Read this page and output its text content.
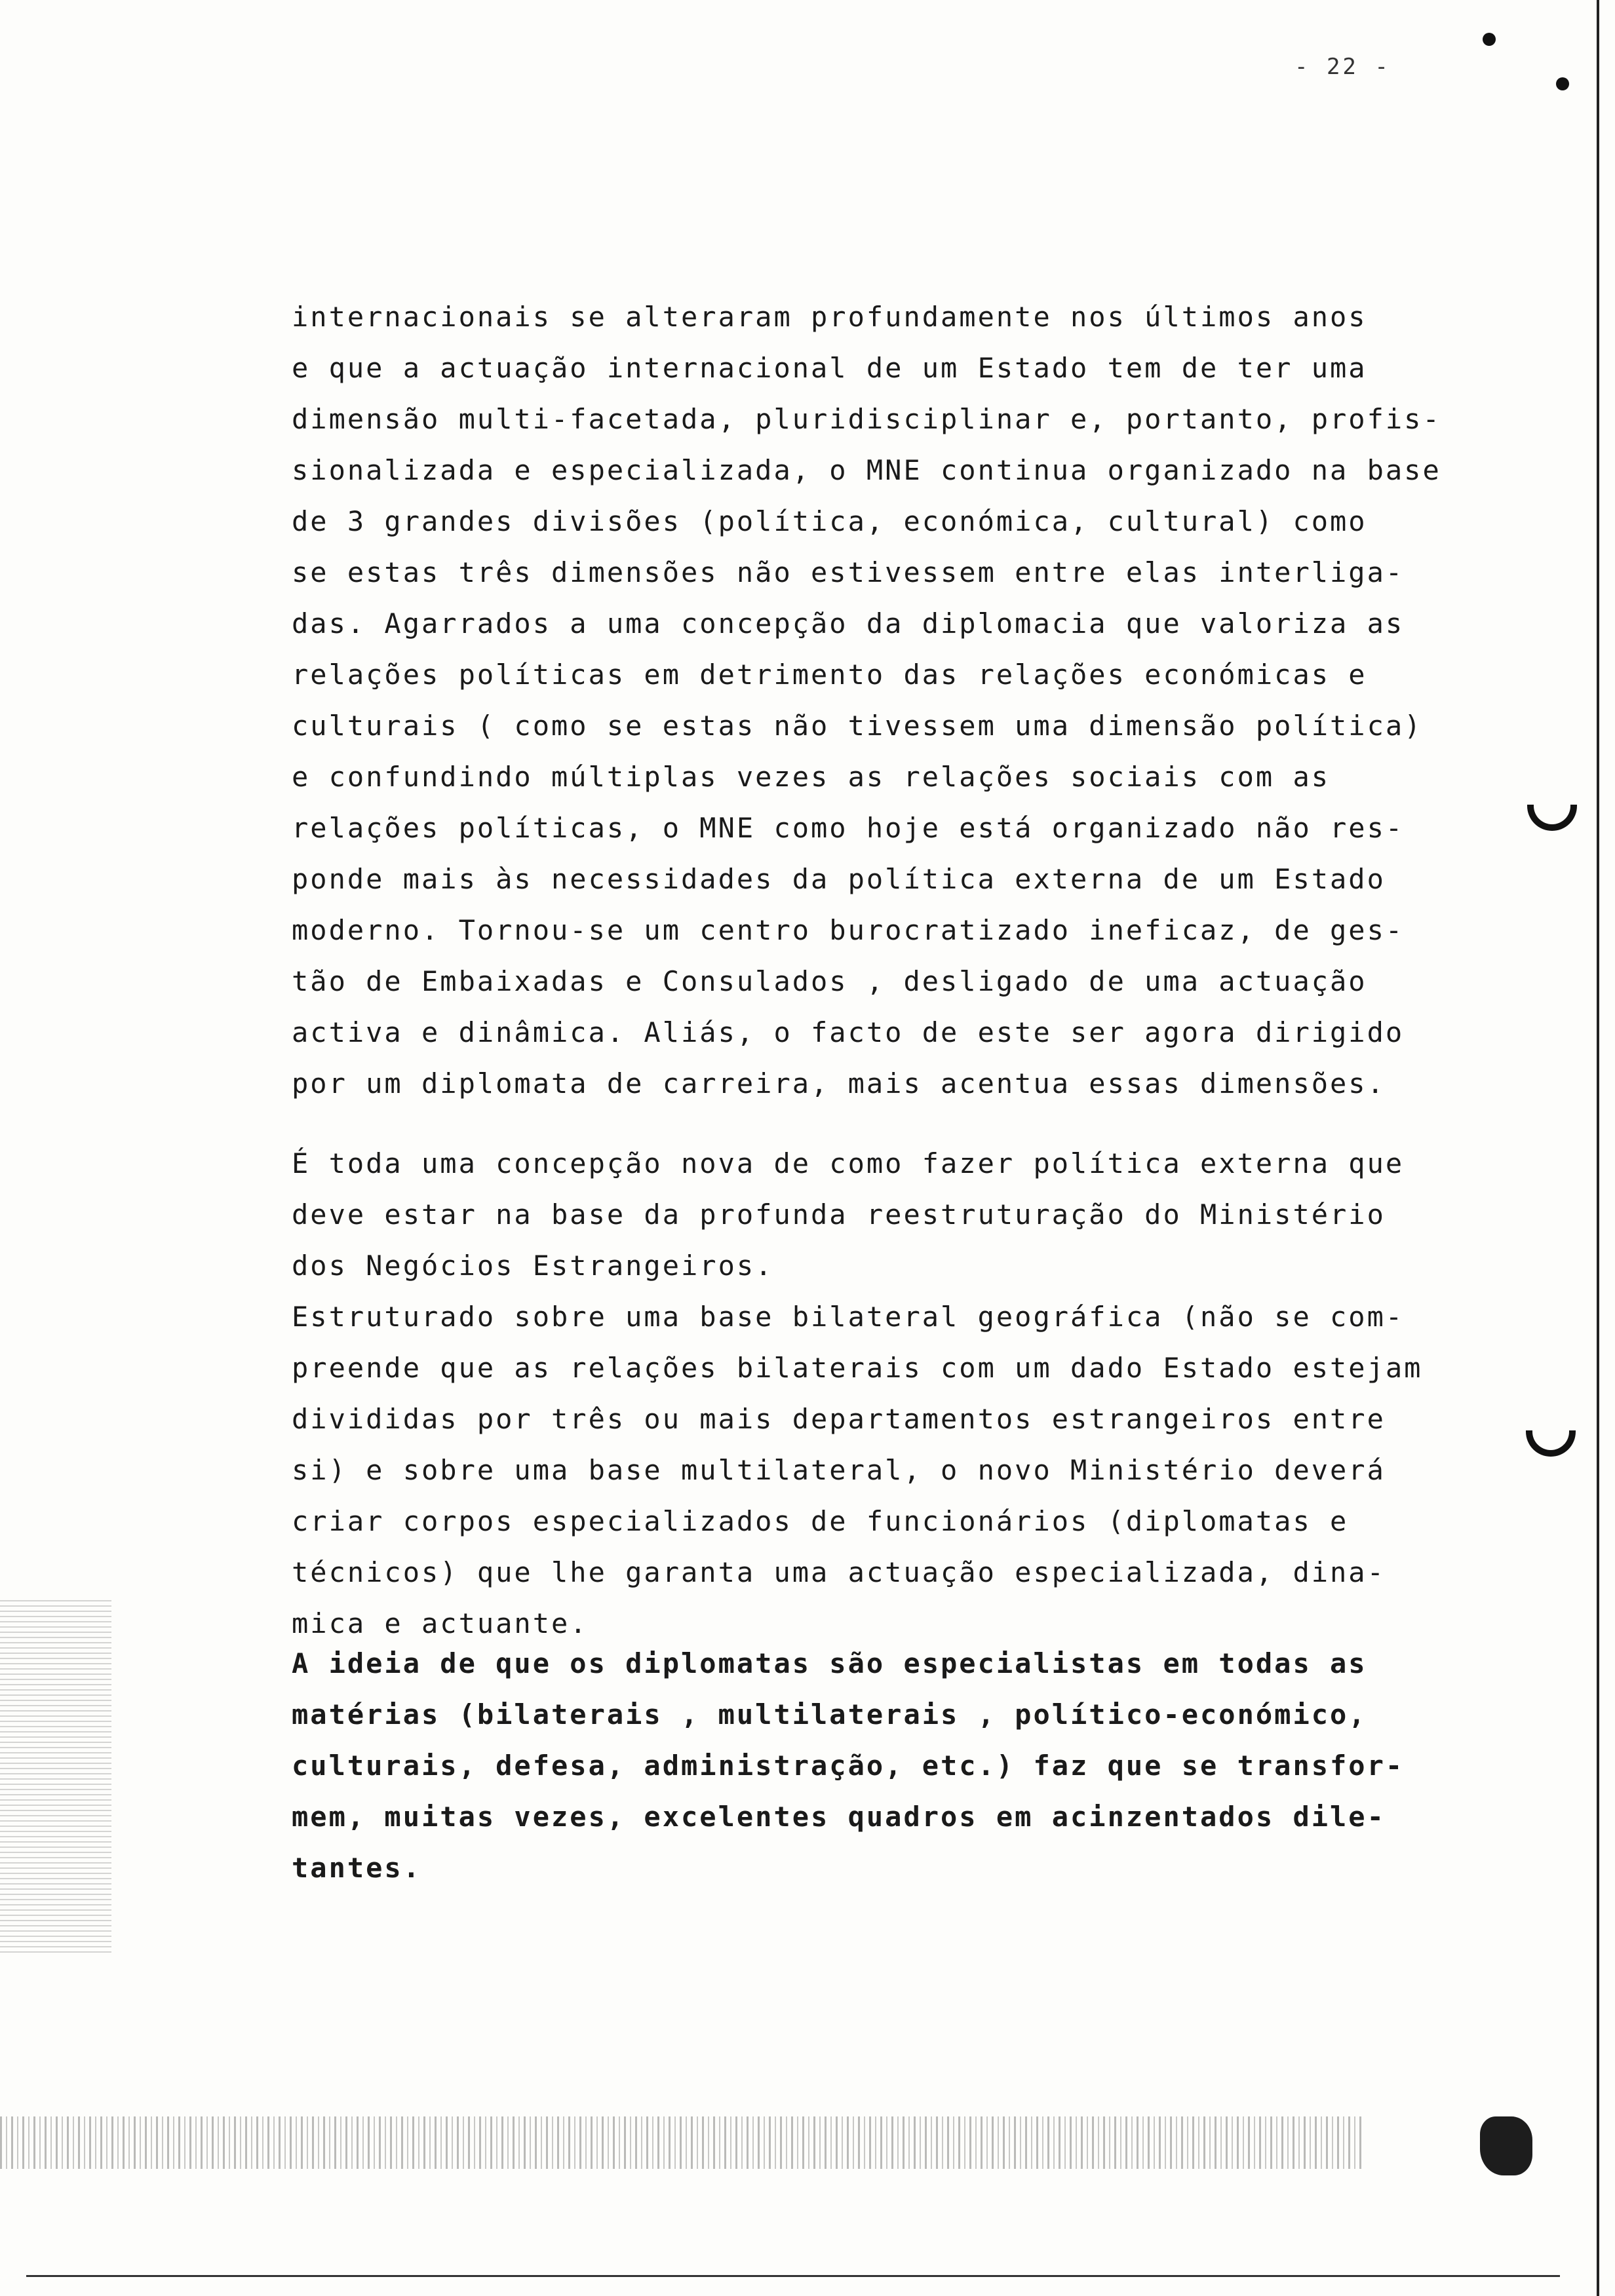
- 22 -
internacionais se alteraram profundamente nos últimos anos
e que a actuação internacional de um Estado tem de ter uma
dimensão multi-facetada, pluridisciplinar e, portanto, profis-
sionalizada e especializada, o MNE continua organizado na base
de 3 grandes divisões (política, económica, cultural) como
se estas três dimensões não estivessem entre elas interliga-
das. Agarrados a uma concepção da diplomacia que valoriza as
relações políticas em detrimento das relações económicas e
culturais ( como se estas não tivessem uma dimensão política)
e confundindo múltiplas vezes as relações sociais com as
relações políticas, o MNE como hoje está organizado não res-
ponde mais às necessidades da política externa de um Estado
moderno. Tornou-se um centro burocratizado ineficaz, de ges-
tão de Embaixadas e Consulados , desligado de uma actuação
activa e dinâmica. Aliás, o facto de este ser agora dirigido
por um diplomata de carreira, mais acentua essas dimensões.
É toda uma concepção nova de como fazer política externa que
deve estar na base da profunda reestruturação do Ministério
dos Negócios Estrangeiros.
Estruturado sobre uma base bilateral geográfica (não se com-
preende que as relações bilaterais com um dado Estado estejam
divididas por três ou mais departamentos estrangeiros entre
si) e sobre uma base multilateral, o novo Ministério deverá
criar corpos especializados de funcionários (diplomatas e
técnicos) que lhe garanta uma actuação especializada, dina-
mica e actuante.
A ideia de que os diplomatas são especialistas em todas as
matérias (bilaterais , multilaterais , político-económico,
culturais, defesa, administração, etc.) faz que se transfor-
mem, muitas vezes, excelentes quadros em acinzentados dile-
tantes.
